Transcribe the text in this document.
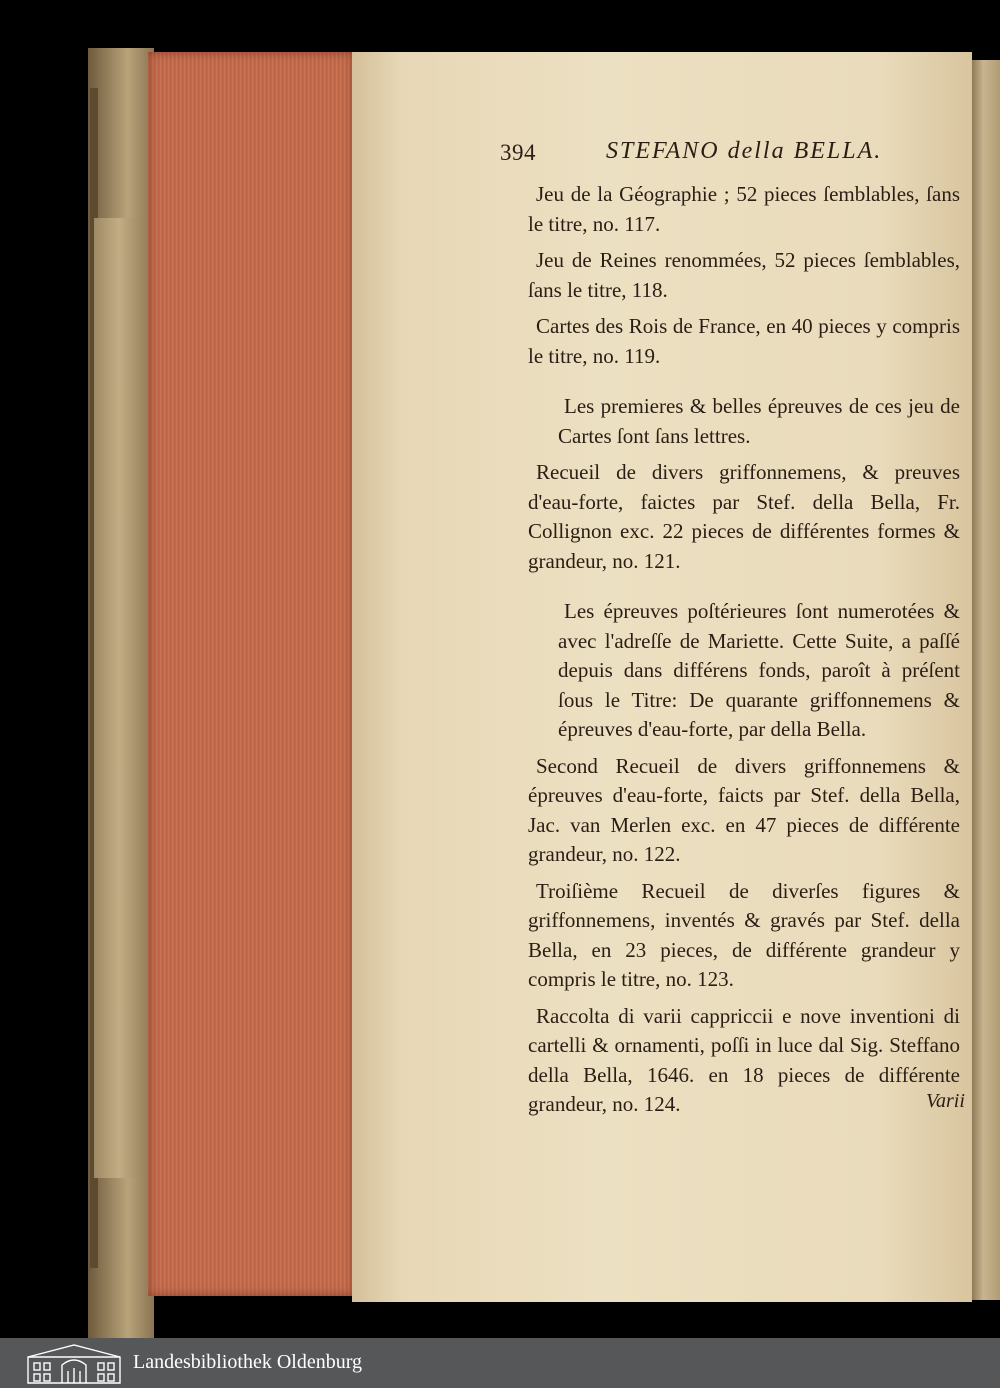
394	STEFANO della BELLA.

Jeu de la Géographie ; 52 pieces ſemblables, ſans le titre, no. 117.

Jeu de Reines renommées, 52 pieces ſemblables, ſans le titre, 118.

Cartes des Rois de France, en 40 pieces y compris le titre, no. 119.

Les premieres & belles épreuves de ces jeu de Cartes ſont ſans lettres.

Recueil de divers griffonnemens, & preuves d'eau-forte, faictes par Stef. della Bella, Fr. Collignon exc. 22 pieces de différentes formes & grandeur, no. 121.

Les épreuves poſtérieures ſont numerotées & avec l'adreſſe de Mariette. Cette Suite, a paſſé depuis dans différens fonds, paroît à préſent ſous le Titre: De quarante griffonnemens & épreuves d'eau-forte, par della Bella.

Second Recueil de divers griffonnemens & épreuves d'eau-forte, faicts par Stef. della Bella, Jac. van Merlen exc. en 47 pieces de différente grandeur, no. 122.

Troiſième Recueil de diverſes figures & griffonnemens, inventés & gravés par Stef. della Bella, en 23 pieces, de différente grandeur y compris le titre, no. 123.

Raccolta di varii cappriccii e nove inventioni di cartelli & ornamenti, poſſi in luce dal Sig. Steffano della Bella, 1646. en 18 pieces de différente grandeur, no. 124.	Varii
Landesbibliothek Oldenburg
